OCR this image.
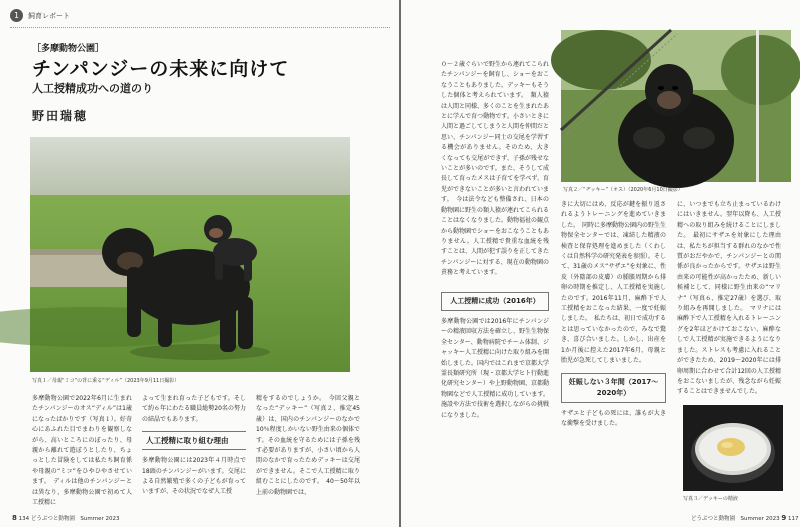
1	飼育レポート
［多摩動物公園］
チンパンジーの未来に向けて
人工授精成功への道のり
野田瑞穂
写真１／母親“ミコ”の背に乗る“ディル”（2023年9月11日撮影）
多摩動物公園で2022年6月に生まれたチンパンジーのオス“ディル”は1歳になったばかりです（写真１）。好奇心にあふれた目でまわりを観察しながら、高いところにのぼったり、母親から離れて遊ぼうとしたり、ちょっとした冒険をしては私たち飼育係や母親の“ミコ”をひやひやさせています。　ディルは他のチンパンジーとは異なり、多摩動物公園で初めて人工授精に
よって生まれ育った子どもです。そして約６年にわたる職員総勢20名の努力の結晶でもあります。
人工授精に取り組む理由
多摩動物公園には2023年４月時点で18頭のチンパンジーがいます。交尾による自然繁殖で多くの子どもが育っていますが、その状況でなぜ人工授
精をするのでしょうか。　今回父親となった“デッキー”（写真２、推定45歳）は、国内のチンパンジーのなかで10％程度しかいない野生由来の個体です。その血統を守るためには子孫を残す必要がありますが、小さい頃から人間のなかで育ったためデッキーは交尾ができません。そこで人工授精に取り組むことにしたのです。　40～50年以上前の動物園では、
8 134 どうぶつと動物園　Summer 2023
０～２歳ぐらいで野生から連れてこられたチンパンジーを飼育し、ショーをおこなうこともありました。デッキーもそうした個体と考えられています。　類人猿は人間と同様、多くのことを生まれたあとに学んで育つ動物です。小さいときに人間と過ごしてしまうと人間を仲間だと思い、チンパンジー同士の交尾を学習する機会がありません。そのため、大きくなっても交尾ができず、子孫が残せないことが多いのです。また、そうして成長して育ったメスは子育てを学べず、育児ができないことが多いと言われています。　今は法令なども整備され、日本の動物園に野生の類人猿が連れてこられることはなくなりました。動物福祉の観点から動物園でショーをおこなうこともありません。人工授精で貴重な血統を残すことは、人間が犯す誤りを正してきたチンパンジーに対する、現在の動物園の責務と考えています。
人工授精に成功（2016年）
多摩動物公園では2016年にチンパンジーの精液回収方法を確立し、野生生物保全センター、動物病院でチーム体制、ジャッキー人工授精に向けた取り組みを開始しました。国内ではこれまで京都大学霊長類研究所（現・京都大学ヒト行動進化研究センター）や上野動物園、京都動物園などで人工授精に成功しています。施設や方法で技術を選択しながらの挑戦になりました。
写真２／“ヂッキー”（オス）（2020年6月10日撮影）
きに大切にはめ、反応が鍵を振り返されるようトレーニングを進めていきました。　同時に多摩動物公園内の野生生物保全センターでは、凍結した精液の検査と保存処理を進めました（くわしくは自然科学の研究発表を参照）。そして、31歳のメス“サザエ”を対象に、性皮（外陰部の皮膚）の腫脹周期から排卵の時期を推定し、人工授精を実施したのです。2016年11月、麻酔下で人工授精をおこなった結果、一度で妊娠しました。　私たちは、初日で成功するとは思っていなかったので、みなで驚き、喜び合いました。しかし、出産を1か月後に控えた2017年6月、母親と胎児が急死してしまいました。
妊娠しない３年間（2017～2020年）
サザエと子どもの死には、誰もが大きな衝撃を受けました。
に、いつまでも立ち止まっているわけにはいきません。翌年以降も、人工授精への取り組みを続けることにしました。　最初にサザエを対象にした理由は、私たちが担当する群れのなかで性質がおだやかで、チンパンジーとの関係が良かったからです。サザエは野生由来の可能性が高かったため、新しい候補として、同様に野生由来の“マリナ”（写真６、推定27歳）を選び、取り組みを再開しました。　マリナには麻酔下で人工授精を入れるトレーニングを2年ほどかけておこない、麻酔なしで人工授精が実施できるようになりました。ストレスも考慮に入れることができたため、2019～2020年には排卵周期に合わせて合計12回の人工授精をおこないましたが、残念ながら妊娠することはできませんでした。
写真３／デッキーの精液
どうぶつと動物園　Summer 2023 9 117
